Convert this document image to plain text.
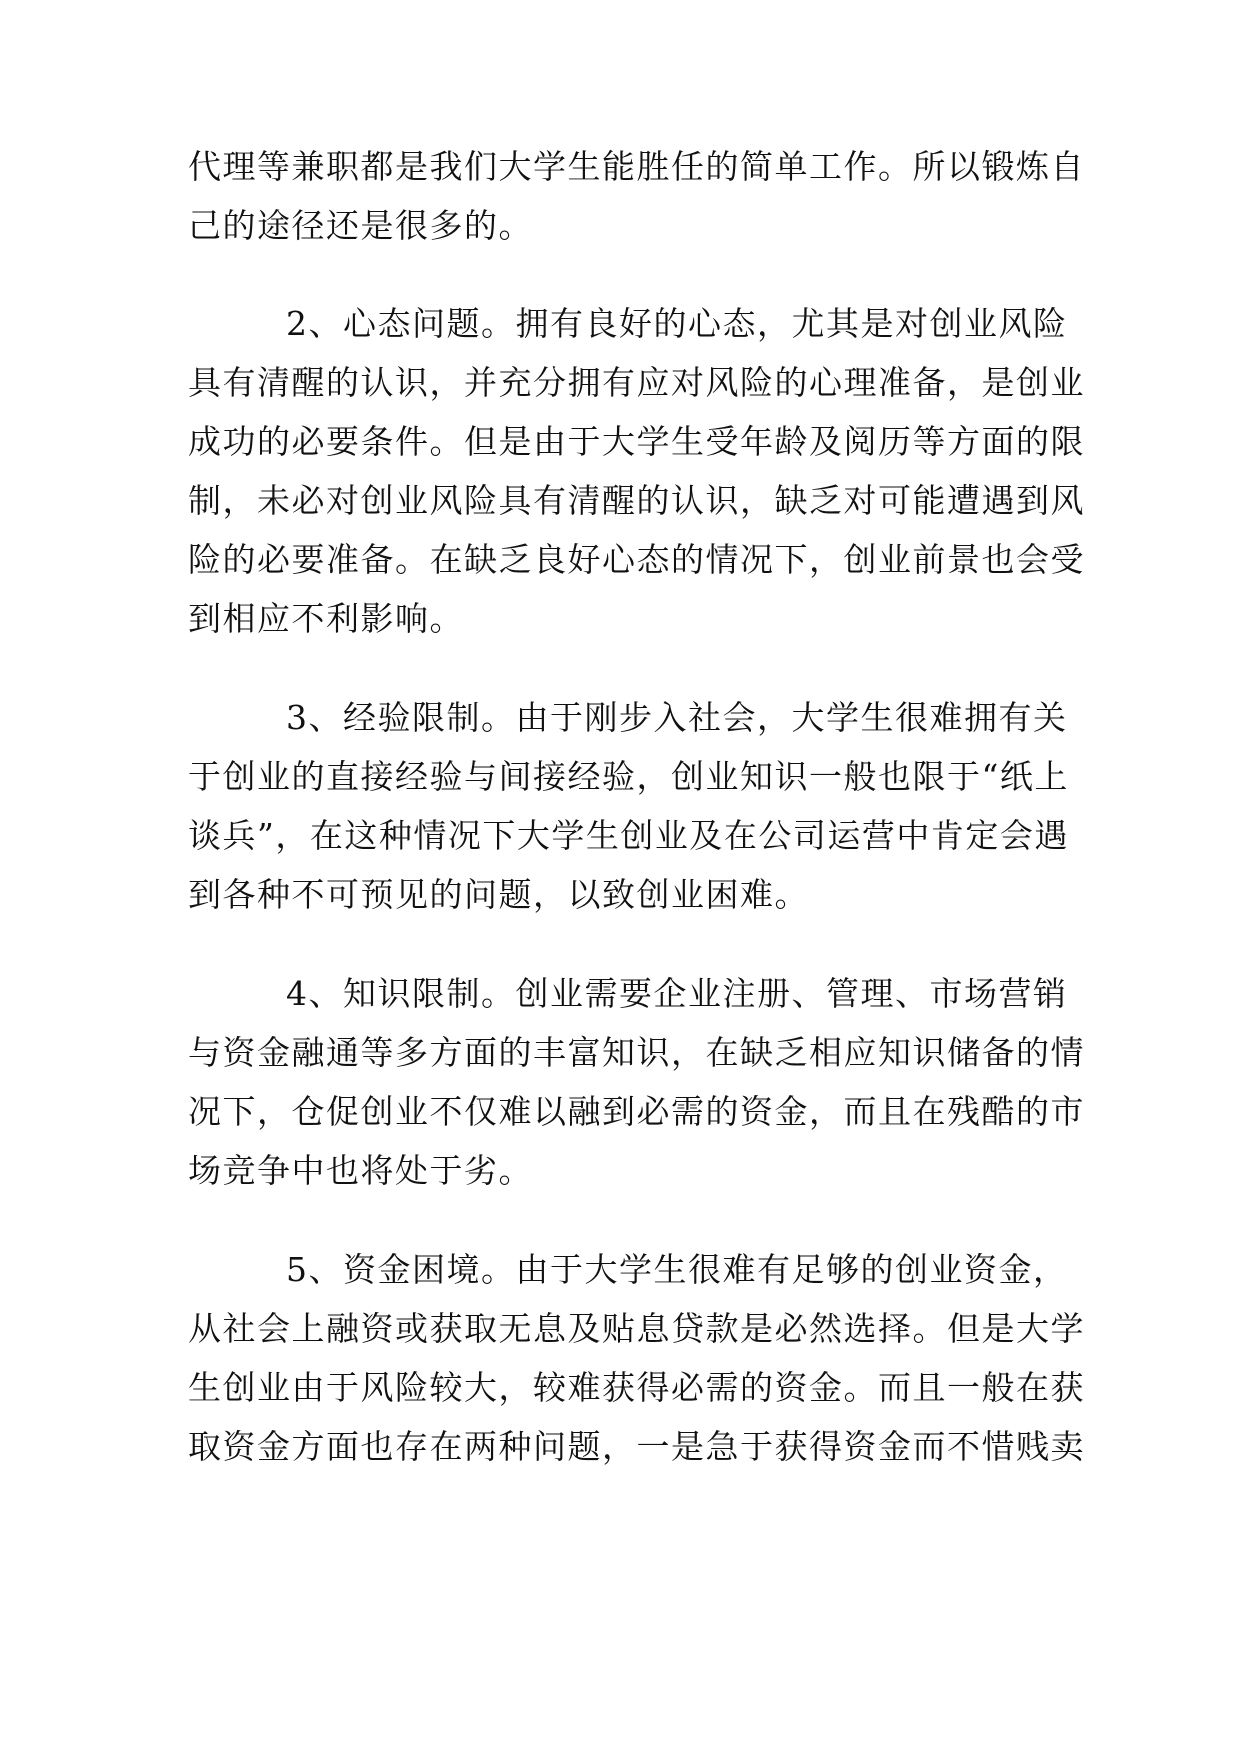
代理等兼职都是我们大学生能胜任的简单工作。所以锻炼自
己的途径还是很多的。
2、心态问题。拥有良好的心态，尤其是对创业风险
具有清醒的认识，并充分拥有应对风险的心理准备，是创业
成功的必要条件。但是由于大学生受年龄及阅历等方面的限
制，未必对创业风险具有清醒的认识，缺乏对可能遭遇到风
险的必要准备。在缺乏良好心态的情况下，创业前景也会受
到相应不利影响。
3、经验限制。由于刚步入社会，大学生很难拥有关
于创业的直接经验与间接经验，创业知识一般也限于“纸上
谈兵”，在这种情况下大学生创业及在公司运营中肯定会遇
到各种不可预见的问题，以致创业困难。
4、知识限制。创业需要企业注册、管理、市场营销
与资金融通等多方面的丰富知识，在缺乏相应知识储备的情
况下，仓促创业不仅难以融到必需的资金，而且在残酷的市
场竞争中也将处于劣。
5、资金困境。由于大学生很难有足够的创业资金，
从社会上融资或获取无息及贴息贷款是必然选择。但是大学
生创业由于风险较大，较难获得必需的资金。而且一般在获
取资金方面也存在两种问题，一是急于获得资金而不惜贱卖
